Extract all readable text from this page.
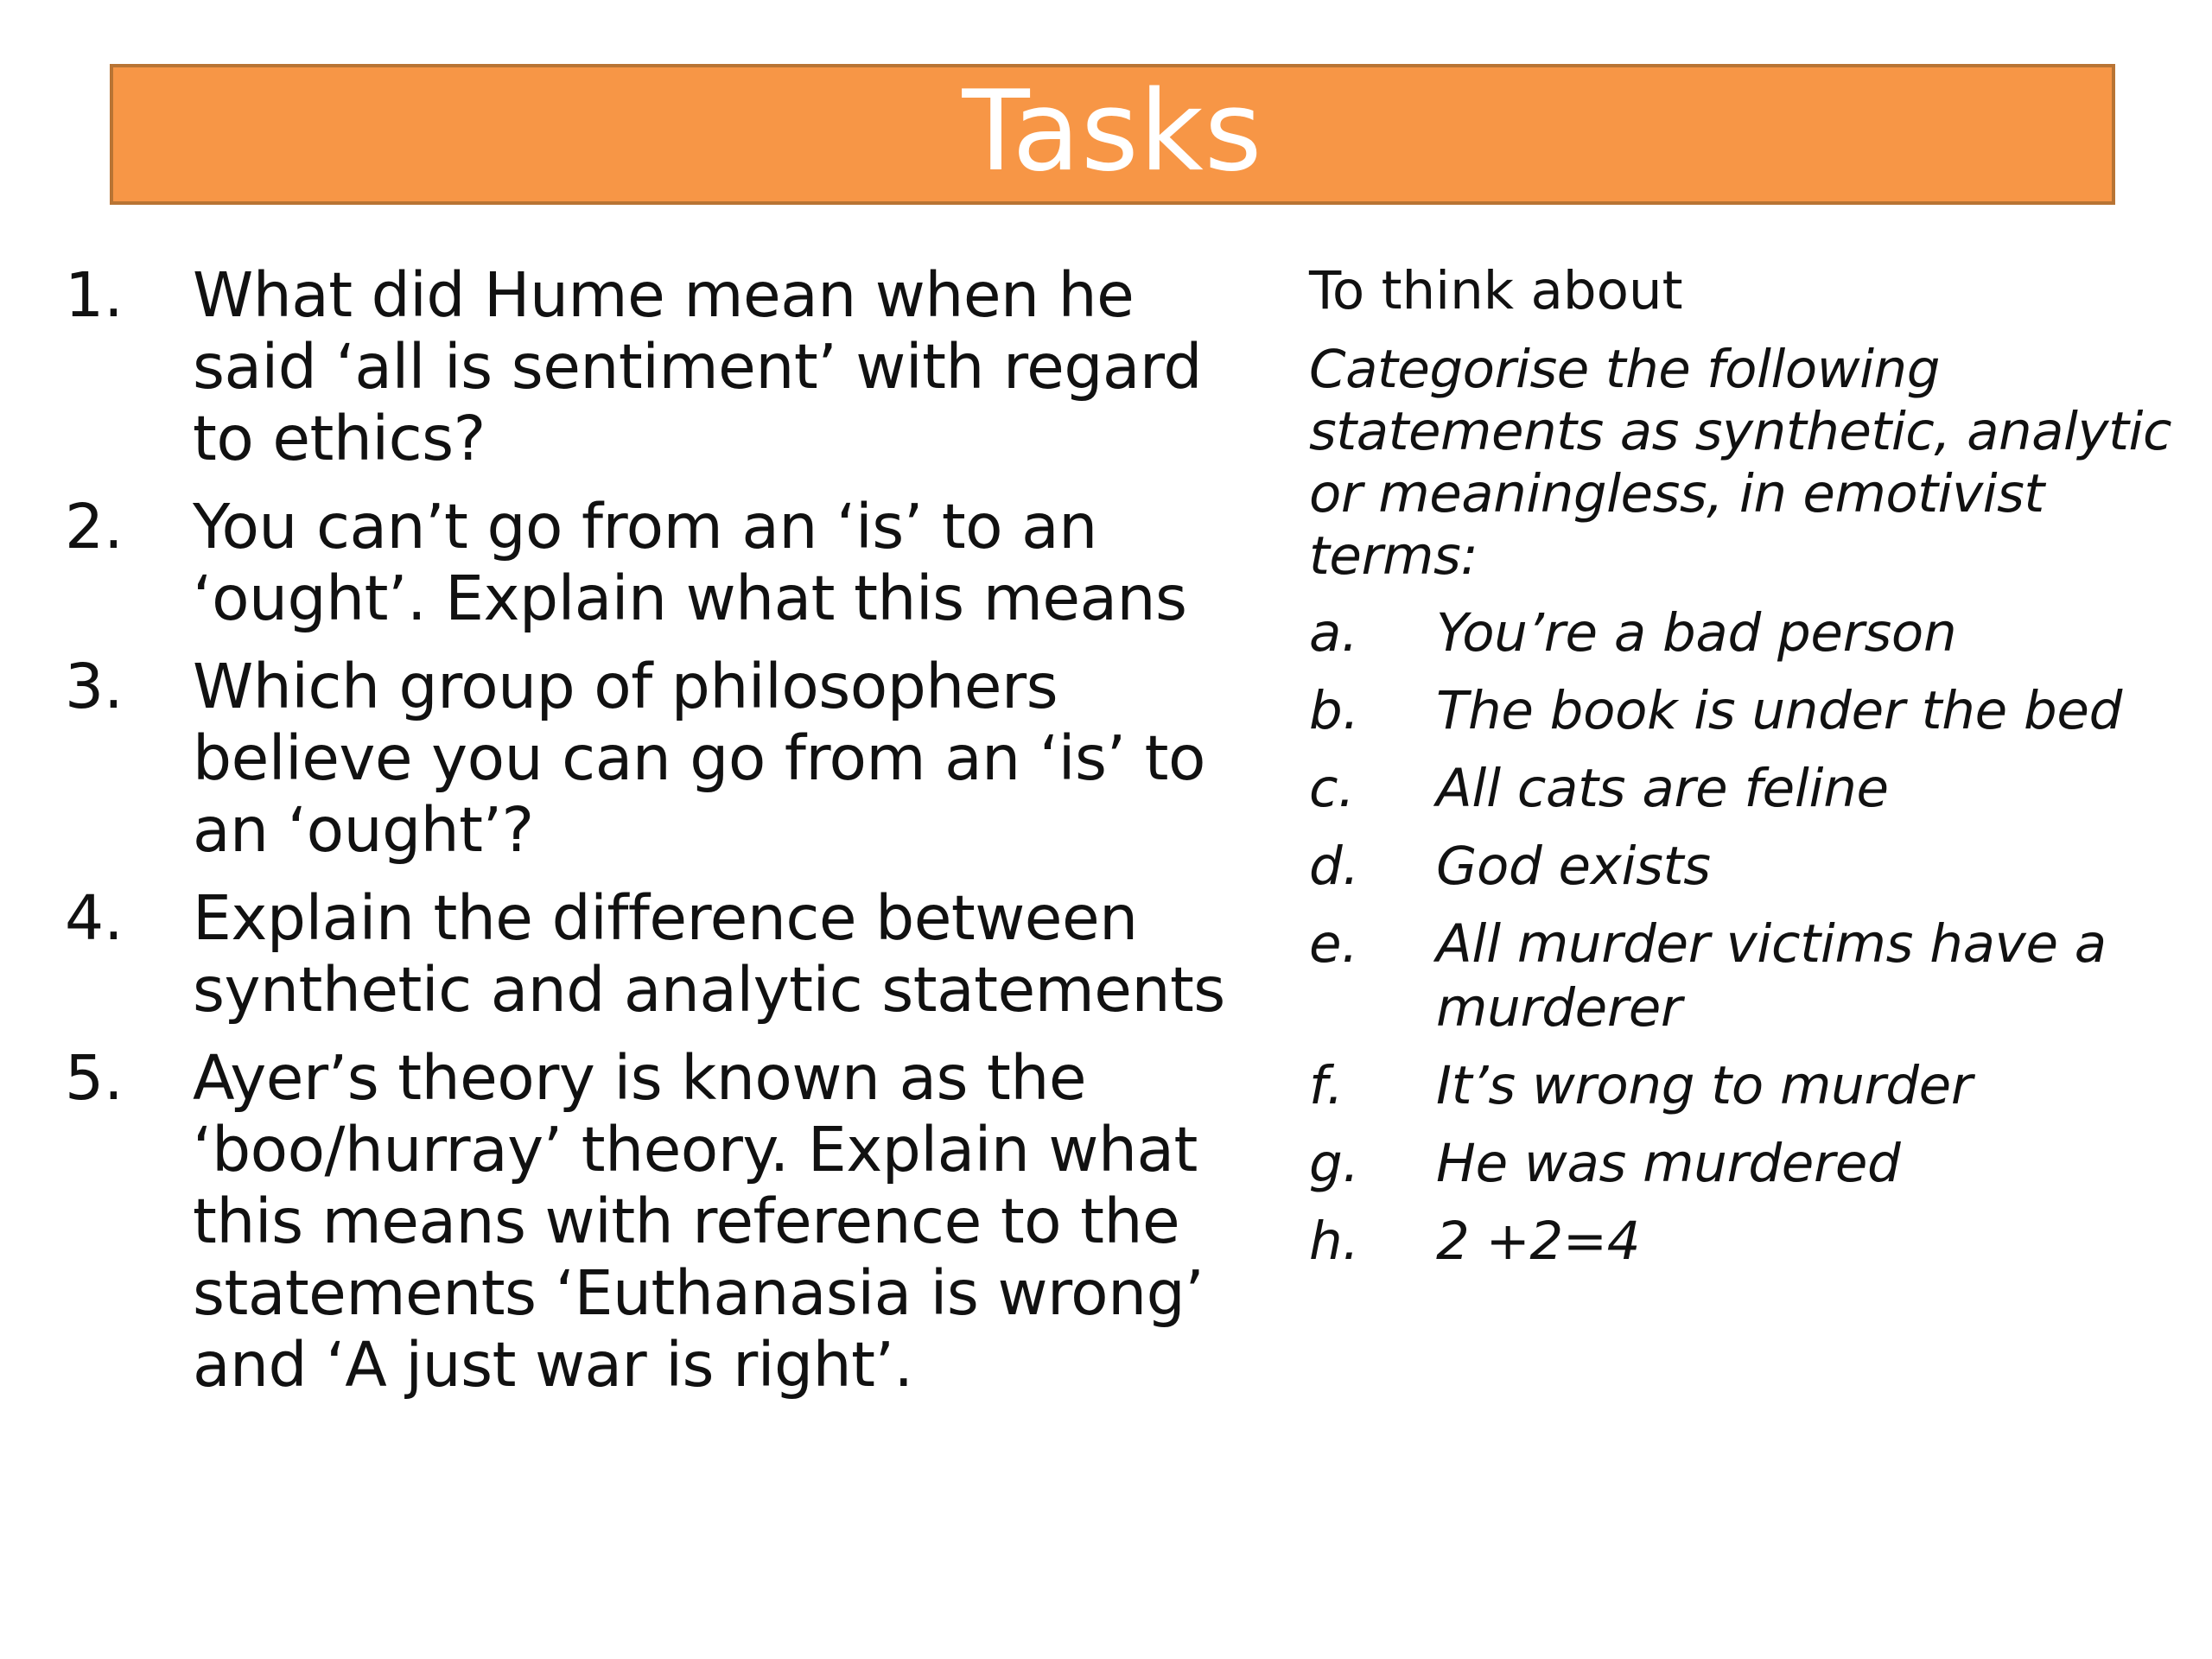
Tasks
1.	What did Hume mean when he said ‘all is sentiment’ with regard to ethics?
2.	You can’t go from an ‘is’ to an ‘ought’. Explain what this means
3.	Which group of philosophers believe you can go from an ‘is’ to an ‘ought’?
4.	Explain the difference between synthetic and analytic statements
5.	Ayer’s theory is known as the ‘boo/hurray’ theory. Explain what this means with reference to the statements ‘Euthanasia is wrong’ and ‘A just war is right’.
To think about
Categorise the following statements as synthetic, analytic or meaningless, in emotivist terms:
a.	You’re a bad person
b.	The book is under the bed
c.	All cats are feline
d.	God exists
e.	All murder victims have a murderer
f.	It’s wrong to murder
g.	He was murdered
h.	2 +2=4
